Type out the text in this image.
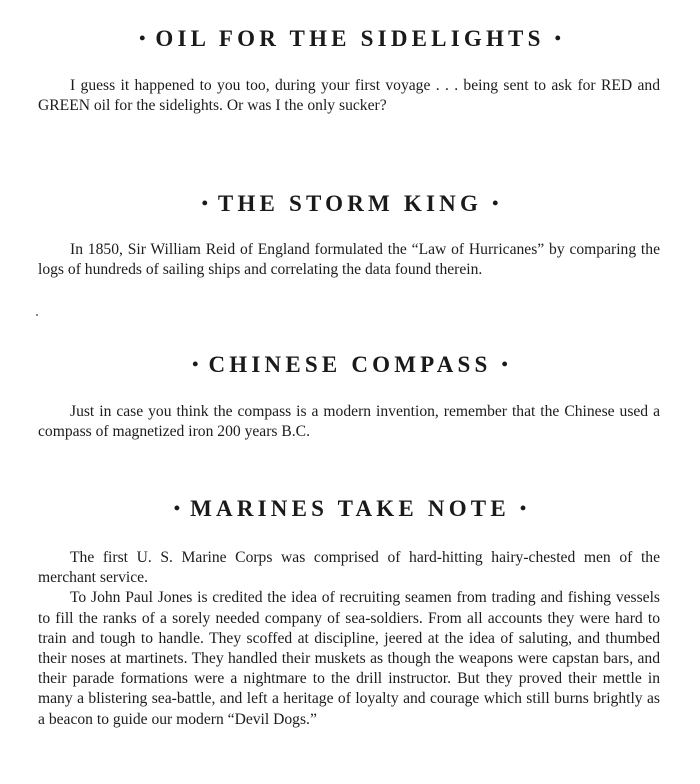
• OIL FOR THE SIDELIGHTS •

I guess it happened to you too, during your first voyage . . . being sent to ask for RED and GREEN oil for the sidelights. Or was I the only sucker?

• THE STORM KING •

In 1850, Sir William Reid of England formulated the “Law of Hurricanes” by comparing the logs of hundreds of sailing ships and correlating the data found therein.

• CHINESE COMPASS •

Just in case you think the compass is a modern invention, remember that the Chinese used a compass of magnetized iron 200 years B.C.

• MARINES TAKE NOTE •

The first U. S. Marine Corps was comprised of hard-hitting hairy-chested men of the merchant service.

To John Paul Jones is credited the idea of recruiting seamen from trading and fishing vessels to fill the ranks of a sorely needed company of sea-soldiers. From all accounts they were hard to train and tough to handle. They scoffed at discipline, jeered at the idea of saluting, and thumbed their noses at martinets. They handled their muskets as though the weapons were capstan bars, and their parade formations were a nightmare to the drill instructor. But they proved their mettle in many a blistering sea-battle, and left a heritage of loyalty and courage which still burns brightly as a beacon to guide our modern “Devil Dogs.”
